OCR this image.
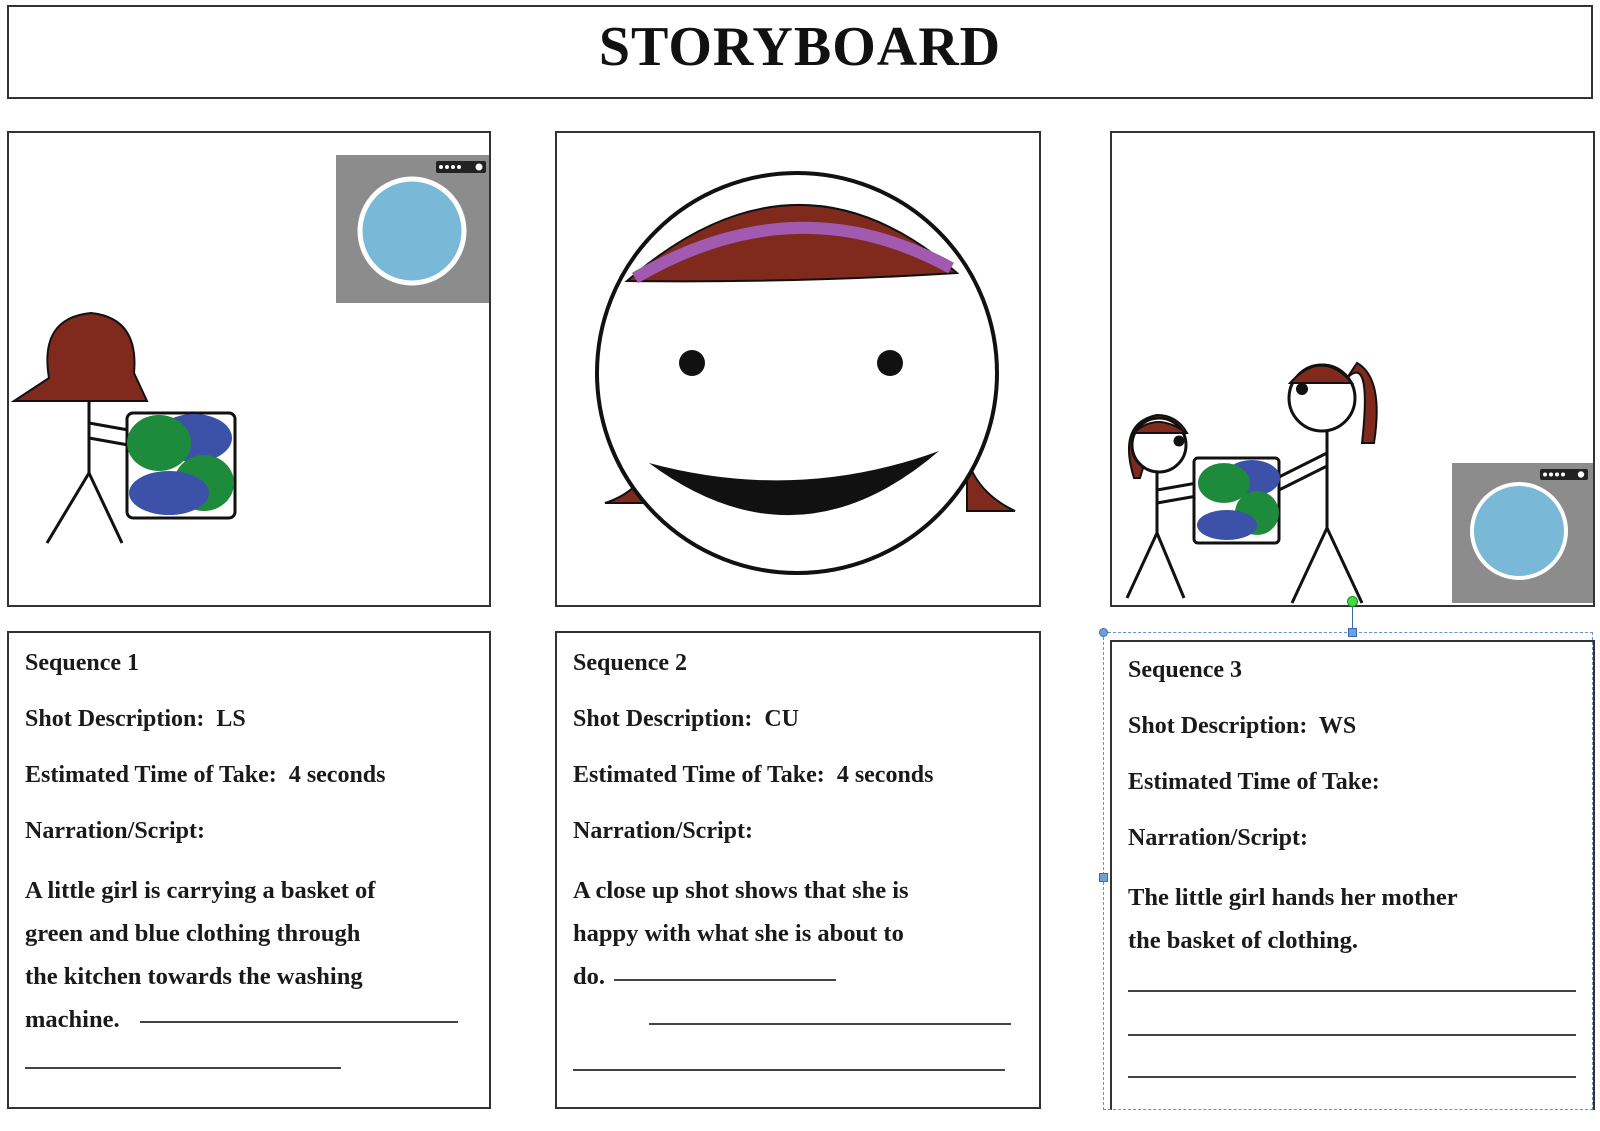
STORYBOARD
Sequence 1
Shot Description: LS
Estimated Time of Take: 4 seconds
Narration/Script:
A little girl is carrying a basket of
green and blue clothing through
the kitchen towards the washing
machine.
Sequence 2
Shot Description: CU
Estimated Time of Take: 4 seconds
Narration/Script:
A close up shot shows that she is
happy with what she is about to
do.
Sequence 3
Shot Description: WS
Estimated Time of Take:
Narration/Script:
The little girl hands her mother
the basket of clothing.
